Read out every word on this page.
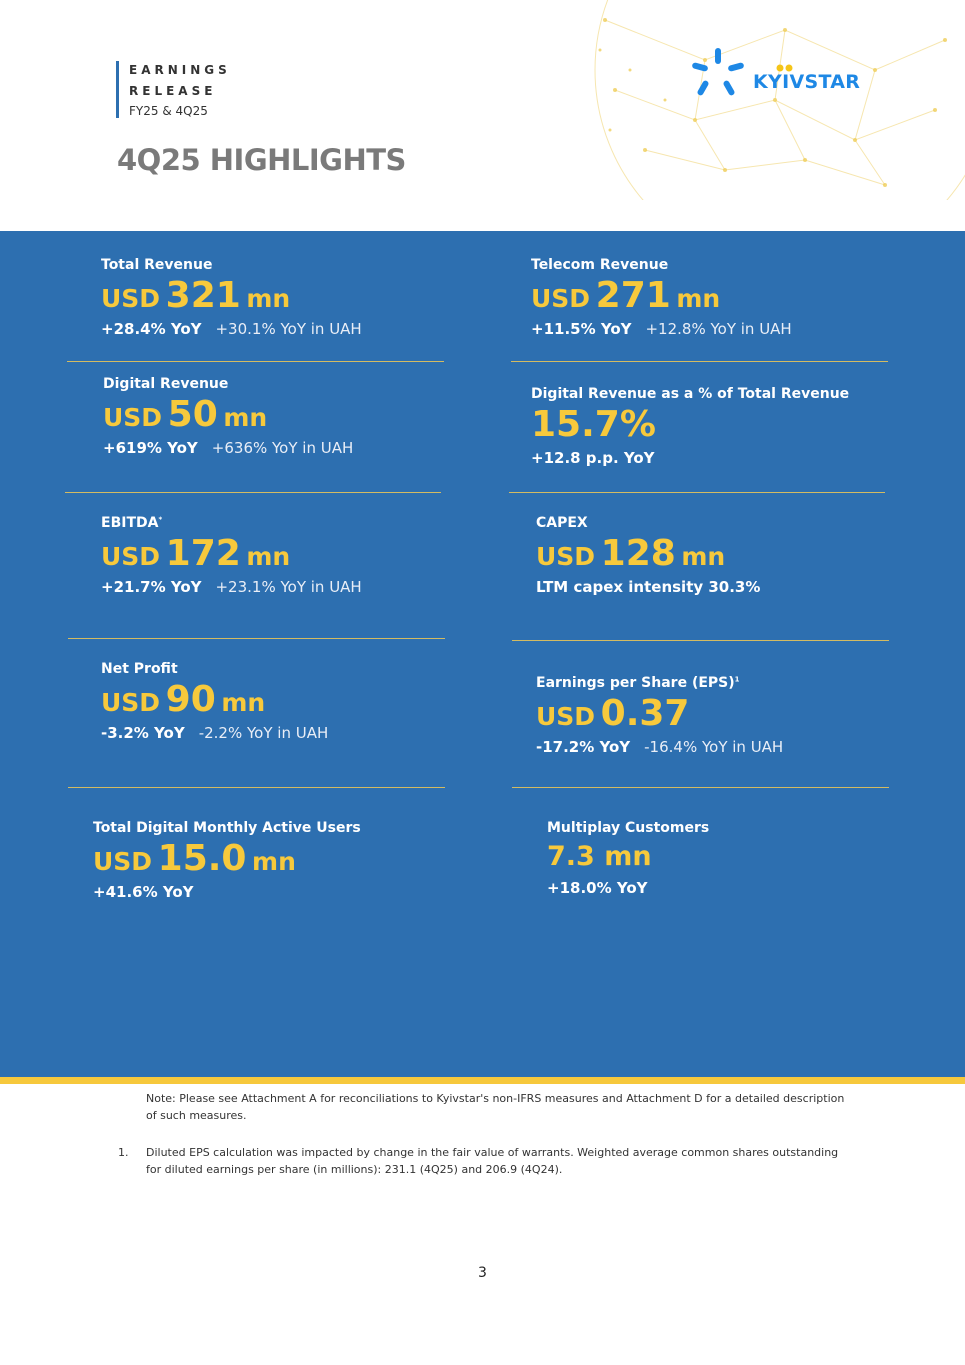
EARNINGS
RELEASE
FY25 & 4Q25
KYIVSTAR
4Q25 HIGHLIGHTS
Total Revenue
USD 321 mn
+28.4% YoY +30.1% YoY in UAH
Telecom Revenue
USD 271 mn
+11.5% YoY +12.8% YoY in UAH
Digital Revenue
USD 50 mn
+619% YoY +636% YoY in UAH
Digital Revenue as a % of Total Revenue
15.7%
+12.8 p.p. YoY
EBITDA*
USD 172 mn
+21.7% YoY +23.1% YoY in UAH
CAPEX
USD 128 mn
LTM capex intensity 30.3%
Net Profit
USD 90 mn
-3.2% YoY -2.2% YoY in UAH
Earnings per Share (EPS)$^1$
USD 0.37
-17.2% YoY -16.4% YoY in UAH
Total Digital Monthly Active Users
USD 15.0 mn
+41.6% YoY
Multiplay Customers
7.3 mn
+18.0% YoY
Note: Please see Attachment A for reconciliations to Kyivstar's non-IFRS measures and Attachment D for a detailed description of such measures.
1. Diluted EPS calculation was impacted by change in the fair value of warrants. Weighted average common shares outstanding for diluted earnings per share (in millions): 231.1 (4Q25) and 206.9 (4Q24).
3
